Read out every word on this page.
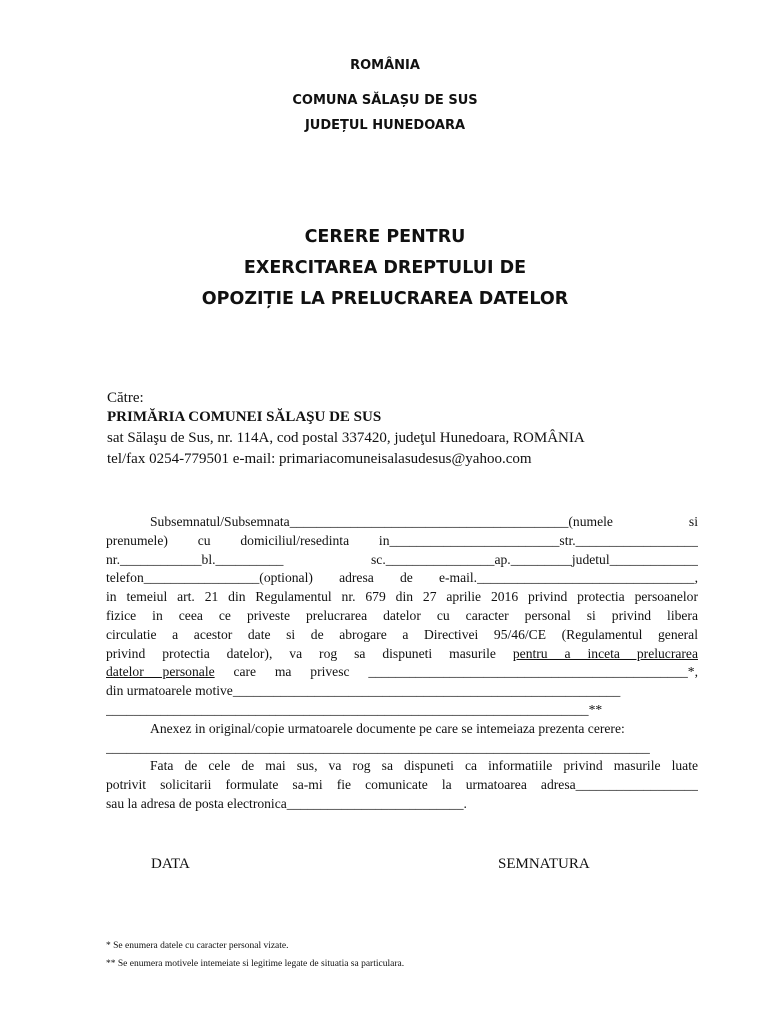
ROMÂNIA
COMUNA SĂLAȘU DE SUS
JUDEȚUL HUNEDOARA
CERERE PENTRU
EXERCITAREA DREPTULUI DE
OPOZIȚIE LA PRELUCRAREA DATELOR
Către:
PRIMĂRIA COMUNEI SĂLAŞU DE SUS
sat Sălaşu de Sus, nr. 114A, cod postal 337420, judeţul Hunedoara, ROMÂNIA
tel/fax 0254-779501 e-mail: primariacomuneisalasudesus@yahoo.com
Subsemnatul/Subsemnata_________________________________________(numele	si
prenumele) cu domiciliul/resedinta in_________________________str.__________________
nr.____________bl.__________	sc.________________ap._________judetul_____________
telefon_________________(optional) adresa de e-mail.________________________________,
in temeiul art. 21 din Regulamentul nr. 679 din 27 aprilie 2016 privind protectia persoanelor
fizice in ceea ce priveste prelucrarea datelor cu caracter personal si privind libera
circulatie a acestor date si de abrogare a Directivei 95/46/CE (Regulamentul general
privind protectia datelor), va rog sa dispuneti masurile pentru a inceta prelucrarea
datelor personale care ma privesc _______________________________________________*,
din urmatoarele motive_________________________________________________________
_______________________________________________________________________**
Anexez in original/copie urmatoarele documente pe care se intemeiaza prezenta cerere:
________________________________________________________________________________
Fata de cele de mai sus, va rog sa dispuneti ca informatiile privind masurile luate
potrivit solicitarii formulate sa-mi fie comunicate la urmatoarea adresa__________________
sau la adresa de posta electronica__________________________.
DATA	SEMNATURA
* Se enumera datele cu caracter personal vizate.
** Se enumera motivele intemeiate si legitime legate de situatia sa particulara.
